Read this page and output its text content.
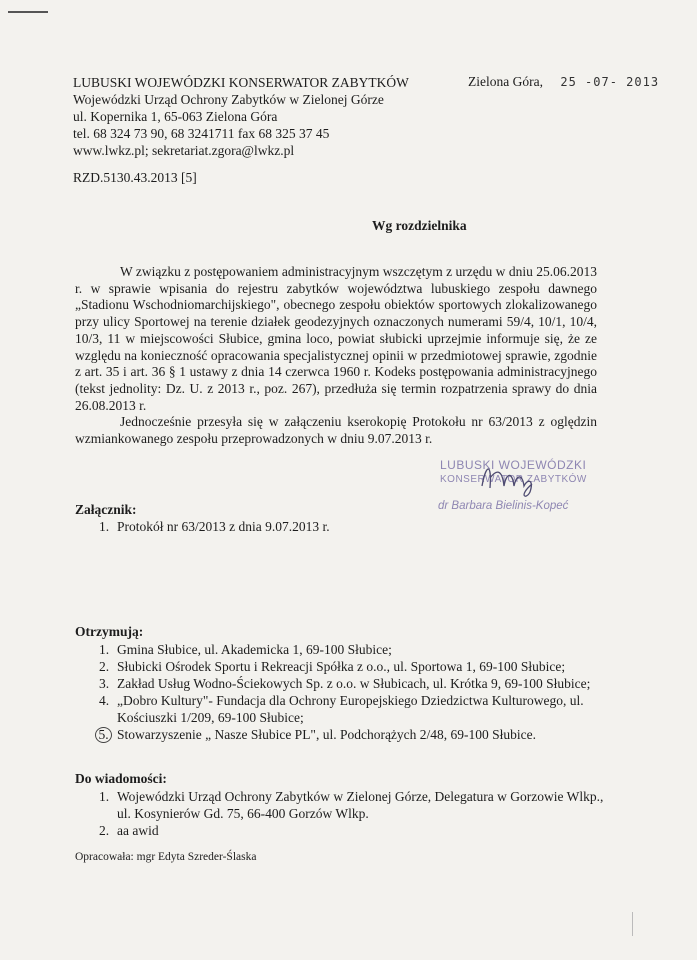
LUBUSKI WOJEWÓDZKI KONSERWATOR ZABYTKÓW
Wojewódzki Urząd Ochrony Zabytków w Zielonej Górze
ul. Kopernika 1, 65-063 Zielona Góra
tel. 68 324 73 90, 68 3241711 fax 68 325 37 45
www.lwkz.pl; sekretariat.zgora@lwkz.pl
Zielona Góra, 25 -07- 2013
RZD.5130.43.2013 [5]
Wg rozdzielnika

W związku z postępowaniem administracyjnym wszczętym z urzędu w dniu 25.06.2013 r. w sprawie wpisania do rejestru zabytków województwa lubuskiego zespołu dawnego „Stadionu Wschodniomarchijskiego", obecnego zespołu obiektów sportowych zlokalizowanego przy ulicy Sportowej na terenie działek geodezyjnych oznaczonych numerami 59/4, 10/1, 10/4, 10/3, 11 w miejscowości Słubice, gmina loco, powiat słubicki uprzejmie informuje się, że ze względu na konieczność opracowania specjalistycznej opinii w przedmiotowej sprawie, zgodnie z art. 35 i art. 36 § 1 ustawy z dnia 14 czerwca 1960 r. Kodeks postępowania administracyjnego (tekst jednolity: Dz. U. z 2013 r., poz. 267), przedłuża się termin rozpatrzenia sprawy do dnia 26.08.2013 r.

Jednocześnie przesyła się w załączeniu kserokopię Protokołu nr 63/2013 z oględzin wzmiankowanego zespołu przeprowadzonych w dniu 9.07.2013 r.

LUBUSKI WOJEWÓDZKI
KONSERWATOR ZABYTKÓW
dr Barbara Bielinis-Kopeć
Załącznik:
1. Protokół nr 63/2013 z dnia 9.07.2013 r.
Otrzymują:
1. Gmina Słubice, ul. Akademicka 1, 69-100 Słubice;
2. Słubicki Ośrodek Sportu i Rekreacji Spółka z o.o., ul. Sportowa 1, 69-100 Słubice;
3. Zakład Usług Wodno-Ściekowych Sp. z o.o. w Słubicach, ul. Krótka 9, 69-100 Słubice;
4. „Dobro Kultury"- Fundacja dla Ochrony Europejskiego Dziedzictwa Kulturowego, ul. Kościuszki 1/209, 69-100 Słubice;
5. Stowarzyszenie „ Nasze Słubice PL", ul. Podchorążych 2/48, 69-100 Słubice.
Do wiadomości:
1. Wojewódzki Urząd Ochrony Zabytków w Zielonej Górze, Delegatura w Gorzowie Wlkp., ul. Kosynierów Gd. 75, 66-400 Gorzów Wlkp.
2. aa awid
Opracowała: mgr Edyta Szreder-Ślaska
